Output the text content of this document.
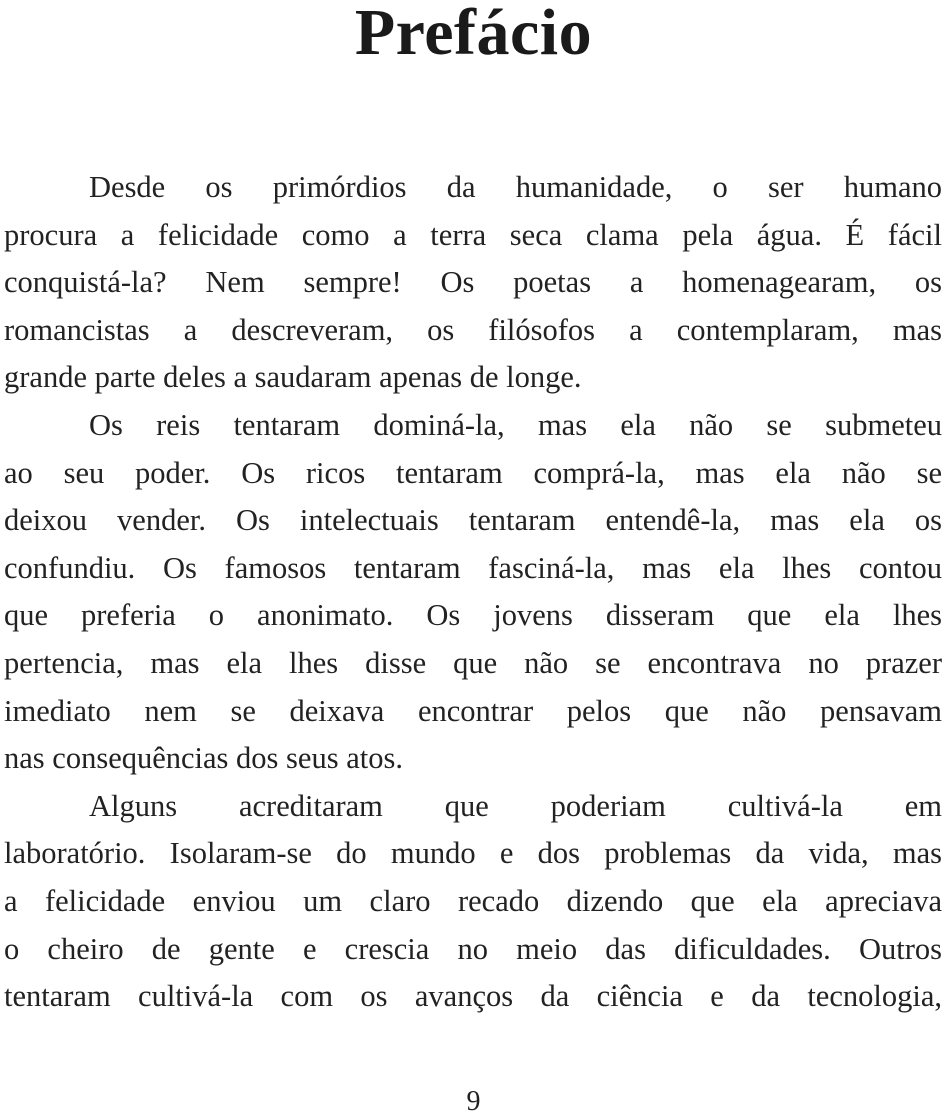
Prefácio
Desde os primórdios da humanidade, o ser humano
procura a felicidade como a terra seca clama pela água. É fácil
conquistá-la? Nem sempre! Os poetas a homenagearam, os
romancistas a descreveram, os filósofos a contemplaram, mas
grande parte deles a saudaram apenas de longe.
Os reis tentaram dominá-la, mas ela não se submeteu
ao seu poder. Os ricos tentaram comprá-la, mas ela não se
deixou vender. Os intelectuais tentaram entendê-la, mas ela os
confundiu. Os famosos tentaram fasciná-la, mas ela lhes contou
que preferia o anonimato. Os jovens disseram que ela lhes
pertencia, mas ela lhes disse que não se encontrava no prazer
imediato nem se deixava encontrar pelos que não pensavam
nas consequências dos seus atos.
Alguns acreditaram que poderiam cultivá-la em
laboratório. Isolaram-se do mundo e dos problemas da vida, mas
a felicidade enviou um claro recado dizendo que ela apreciava
o cheiro de gente e crescia no meio das dificuldades. Outros
tentaram cultivá-la com os avanços da ciência e da tecnologia,
9
